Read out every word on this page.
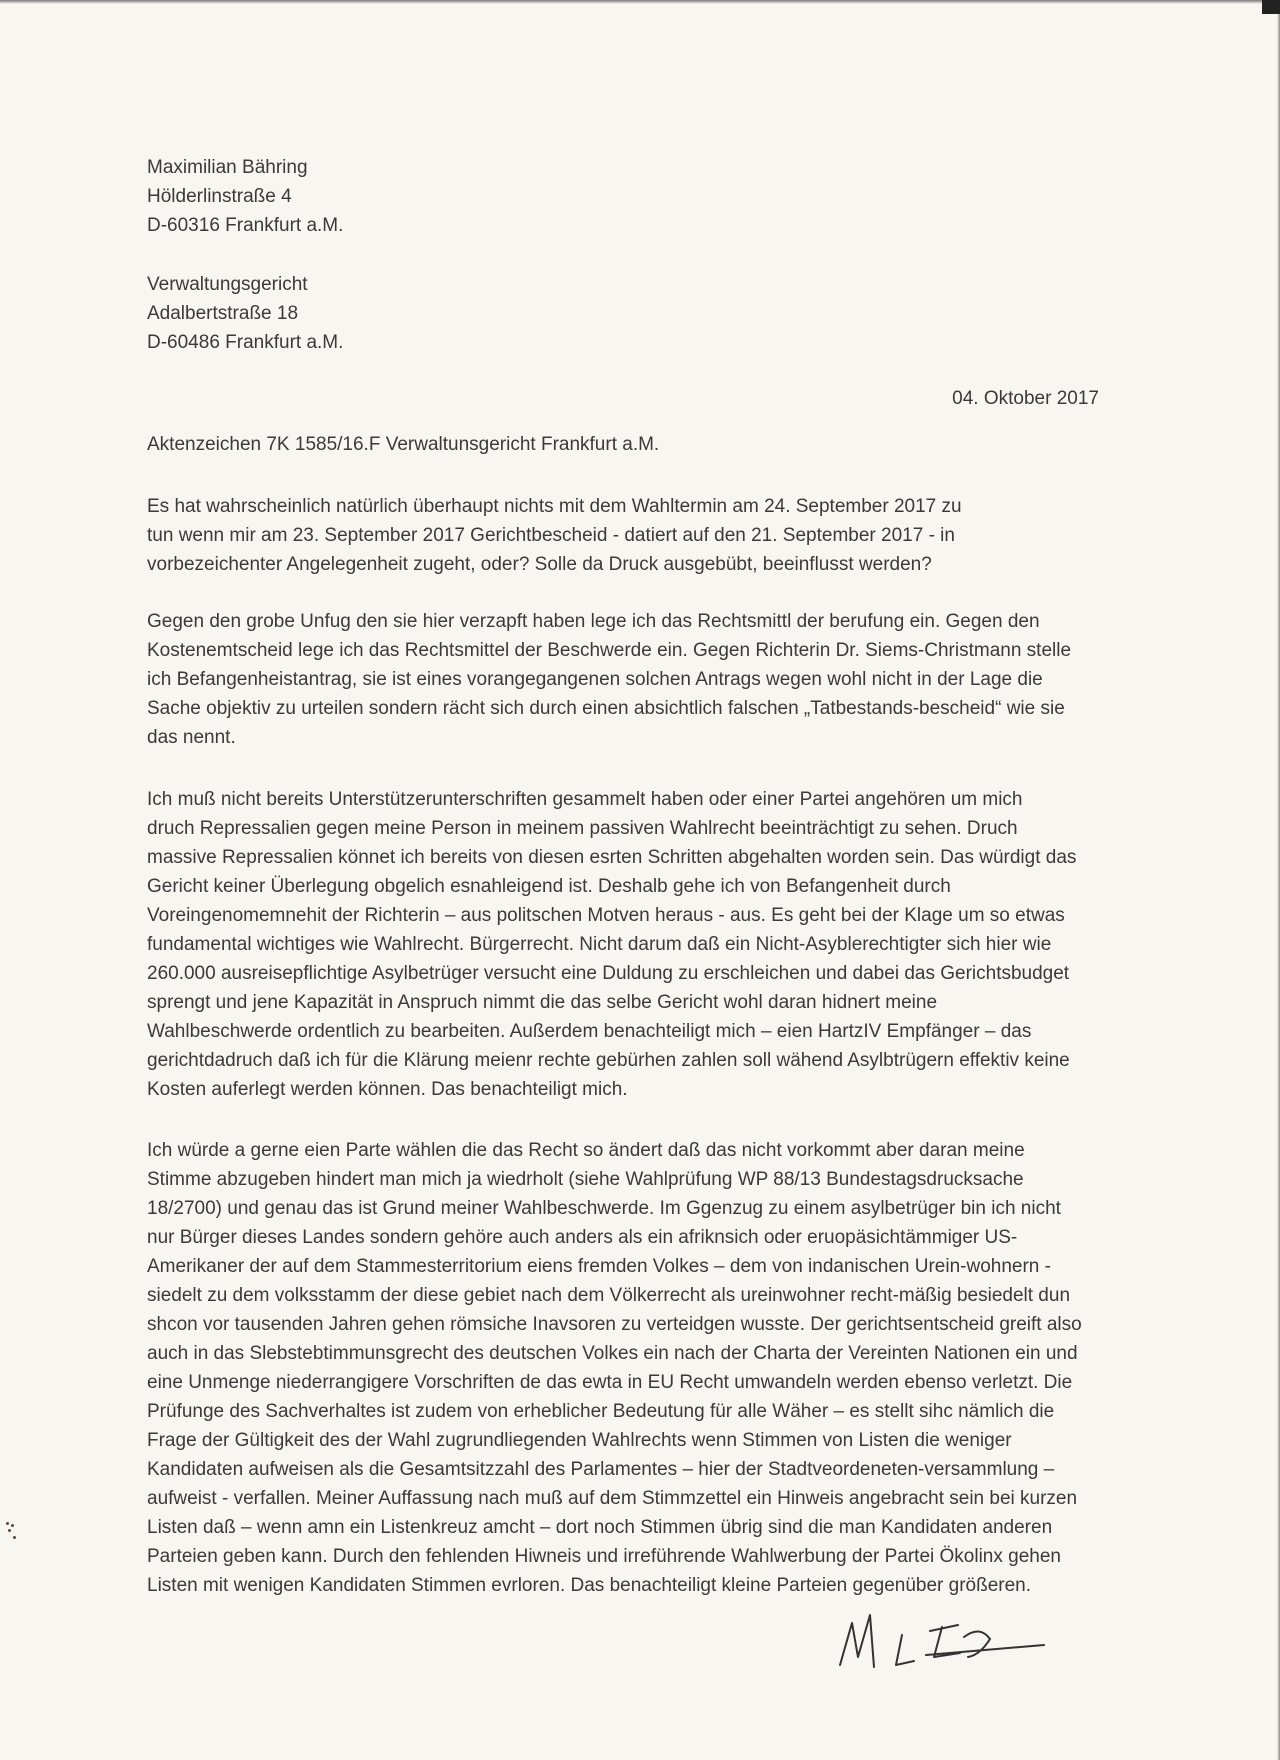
Maximilian Bähring
Hölderlinstraße 4
D-60316 Frankfurt a.M.
Verwaltungsgericht
Adalbertstraße 18
D-60486 Frankfurt a.M.
04. Oktober 2017
Aktenzeichen 7K 1585/16.F Verwaltunsgericht Frankfurt a.M.
Es hat wahrscheinlich natürlich überhaupt nichts mit dem Wahltermin am 24. September 2017 zu
tun wenn mir am 23. September 2017 Gerichtbescheid - datiert auf den 21. September 2017 - in
vorbezeichenter Angelegenheit zugeht, oder? Solle da Druck ausgebübt, beeinflusst werden?
Gegen den grobe Unfug den sie hier verzapft haben lege ich das Rechtsmittl der berufung ein. Gegen den
Kostenemtscheid lege ich das Rechtsmittel der Beschwerde ein. Gegen Richterin Dr. Siems-Christmann stelle
ich Befangenheistantrag, sie ist eines vorangegangenen solchen Antrags wegen wohl nicht in der Lage die
Sache objektiv zu urteilen sondern rächt sich durch einen absichtlich falschen „Tatbestands-bescheid“ wie sie
das nennt.
Ich muß nicht bereits Unterstützerunterschriften gesammelt haben oder einer Partei angehören um mich
druch Repressalien gegen meine Person in meinem passiven Wahlrecht beeinträchtigt zu sehen. Druch
massive Repressalien könnet ich bereits von diesen esrten Schritten abgehalten worden sein. Das würdigt das
Gericht keiner Überlegung obgelich esnahleigend ist. Deshalb gehe ich von Befangenheit durch
Voreingenomemnehit der Richterin – aus politschen Motven heraus - aus. Es geht bei der Klage um so etwas
fundamental wichtiges wie Wahlrecht. Bürgerrecht. Nicht darum daß ein Nicht-Asyblerechtigter sich hier wie
260.000 ausreisepflichtige Asylbetrüger versucht eine Duldung zu erschleichen und dabei das Gerichtsbudget
sprengt und jene Kapazität in Anspruch nimmt die das selbe Gericht wohl daran hidnert meine
Wahlbeschwerde ordentlich zu bearbeiten. Außerdem benachteiligt mich – eien HartzIV Empfänger – das
gerichtdadruch daß ich für die Klärung meienr rechte gebürhen zahlen soll wähend Asylbtrügern effektiv keine
Kosten auferlegt werden können. Das benachteiligt mich.
Ich würde a gerne eien Parte wählen die das Recht so ändert daß das nicht vorkommt aber daran meine
Stimme abzugeben hindert man mich ja wiedrholt (siehe Wahlprüfung WP 88/13 Bundestagsdrucksache
18/2700) und genau das ist Grund meiner Wahlbeschwerde. Im Ggenzug zu einem asylbetrüger bin ich nicht
nur Bürger dieses Landes sondern gehöre auch anders als ein afriknsich oder eruopäsichtämmiger US-
Amerikaner der auf dem Stammesterritorium eiens fremden Volkes – dem von indanischen Urein-wohnern -
siedelt zu dem volksstamm der diese gebiet nach dem Völkerrecht als ureinwohner recht-mäßig besiedelt dun
shcon vor tausenden Jahren gehen römsiche Inavsoren zu verteidgen wusste. Der gerichtsentscheid greift also
auch in das Slebstebtimmunsgrecht des deutschen Volkes ein nach der Charta der Vereinten Nationen ein und
eine Unmenge niederrangigere Vorschriften de das ewta in EU Recht umwandeln werden ebenso verletzt. Die
Prüfunge des Sachverhaltes ist zudem von erheblicher Bedeutung für alle Wäher – es stellt sihc nämlich die
Frage der Gültigkeit des der Wahl zugrundliegenden Wahlrechts wenn Stimmen von Listen die weniger
Kandidaten aufweisen als die Gesamtsitzzahl des Parlamentes – hier der Stadtveordeneten-versammlung –
aufweist - verfallen. Meiner Auffassung nach muß auf dem Stimmzettel ein Hinweis angebracht sein bei kurzen
Listen daß – wenn amn ein Listenkreuz amcht – dort noch Stimmen übrig sind die man Kandidaten anderen
Parteien geben kann. Durch den fehlenden Hiwneis und irreführende Wahlwerbung der Partei Ökolinx gehen
Listen mit wenigen Kandidaten Stimmen evrloren. Das benachteiligt kleine Parteien gegenüber größeren.
